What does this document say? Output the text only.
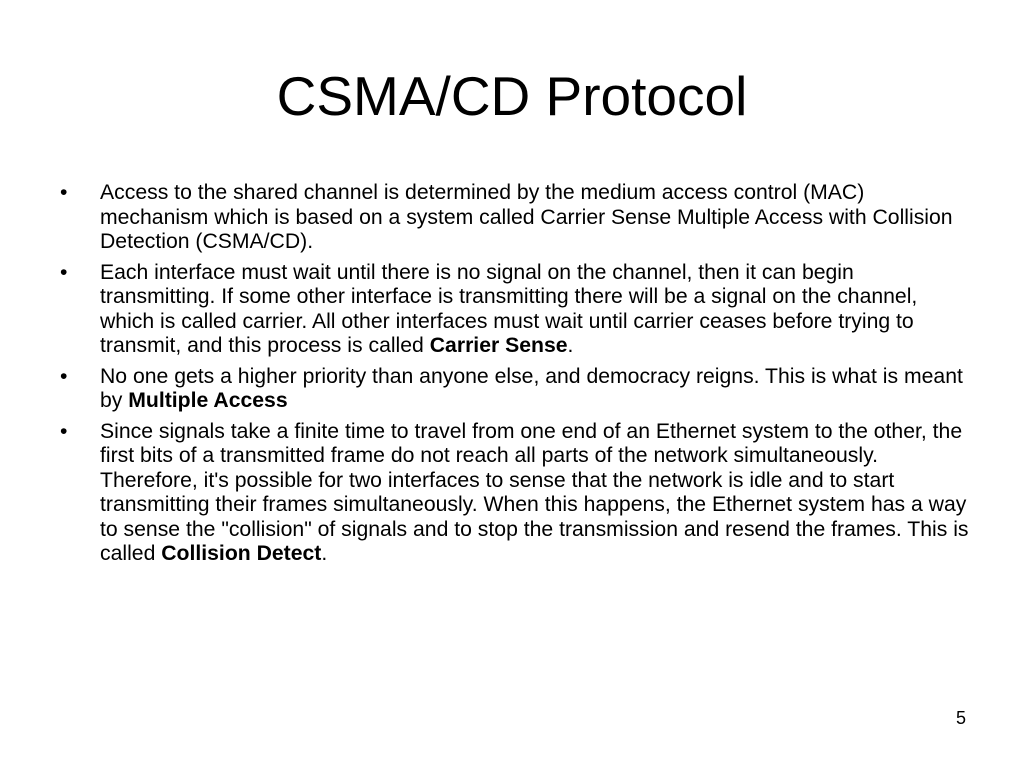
CSMA/CD Protocol
•	Access to the shared channel is determined by the medium access control (MAC) mechanism which is based on a system called Carrier Sense Multiple Access with Collision Detection (CSMA/CD).
•	Each interface must wait until there is no signal on the channel, then it can begin transmitting. If some other interface is transmitting there will be a signal on the channel, which is called carrier. All other interfaces must wait until carrier ceases before trying to transmit, and this process is called Carrier Sense.
•	No one gets a higher priority than anyone else, and democracy reigns. This is what is meant by Multiple Access
•	Since signals take a finite time to travel from one end of an Ethernet system to the other, the first bits of a transmitted frame do not reach all parts of the network simultaneously. Therefore, it's possible for two interfaces to sense that the network is idle and to start transmitting their frames simultaneously. When this happens, the Ethernet system has a way to sense the "collision" of signals and to stop the transmission and resend the frames. This is called Collision Detect.
5
